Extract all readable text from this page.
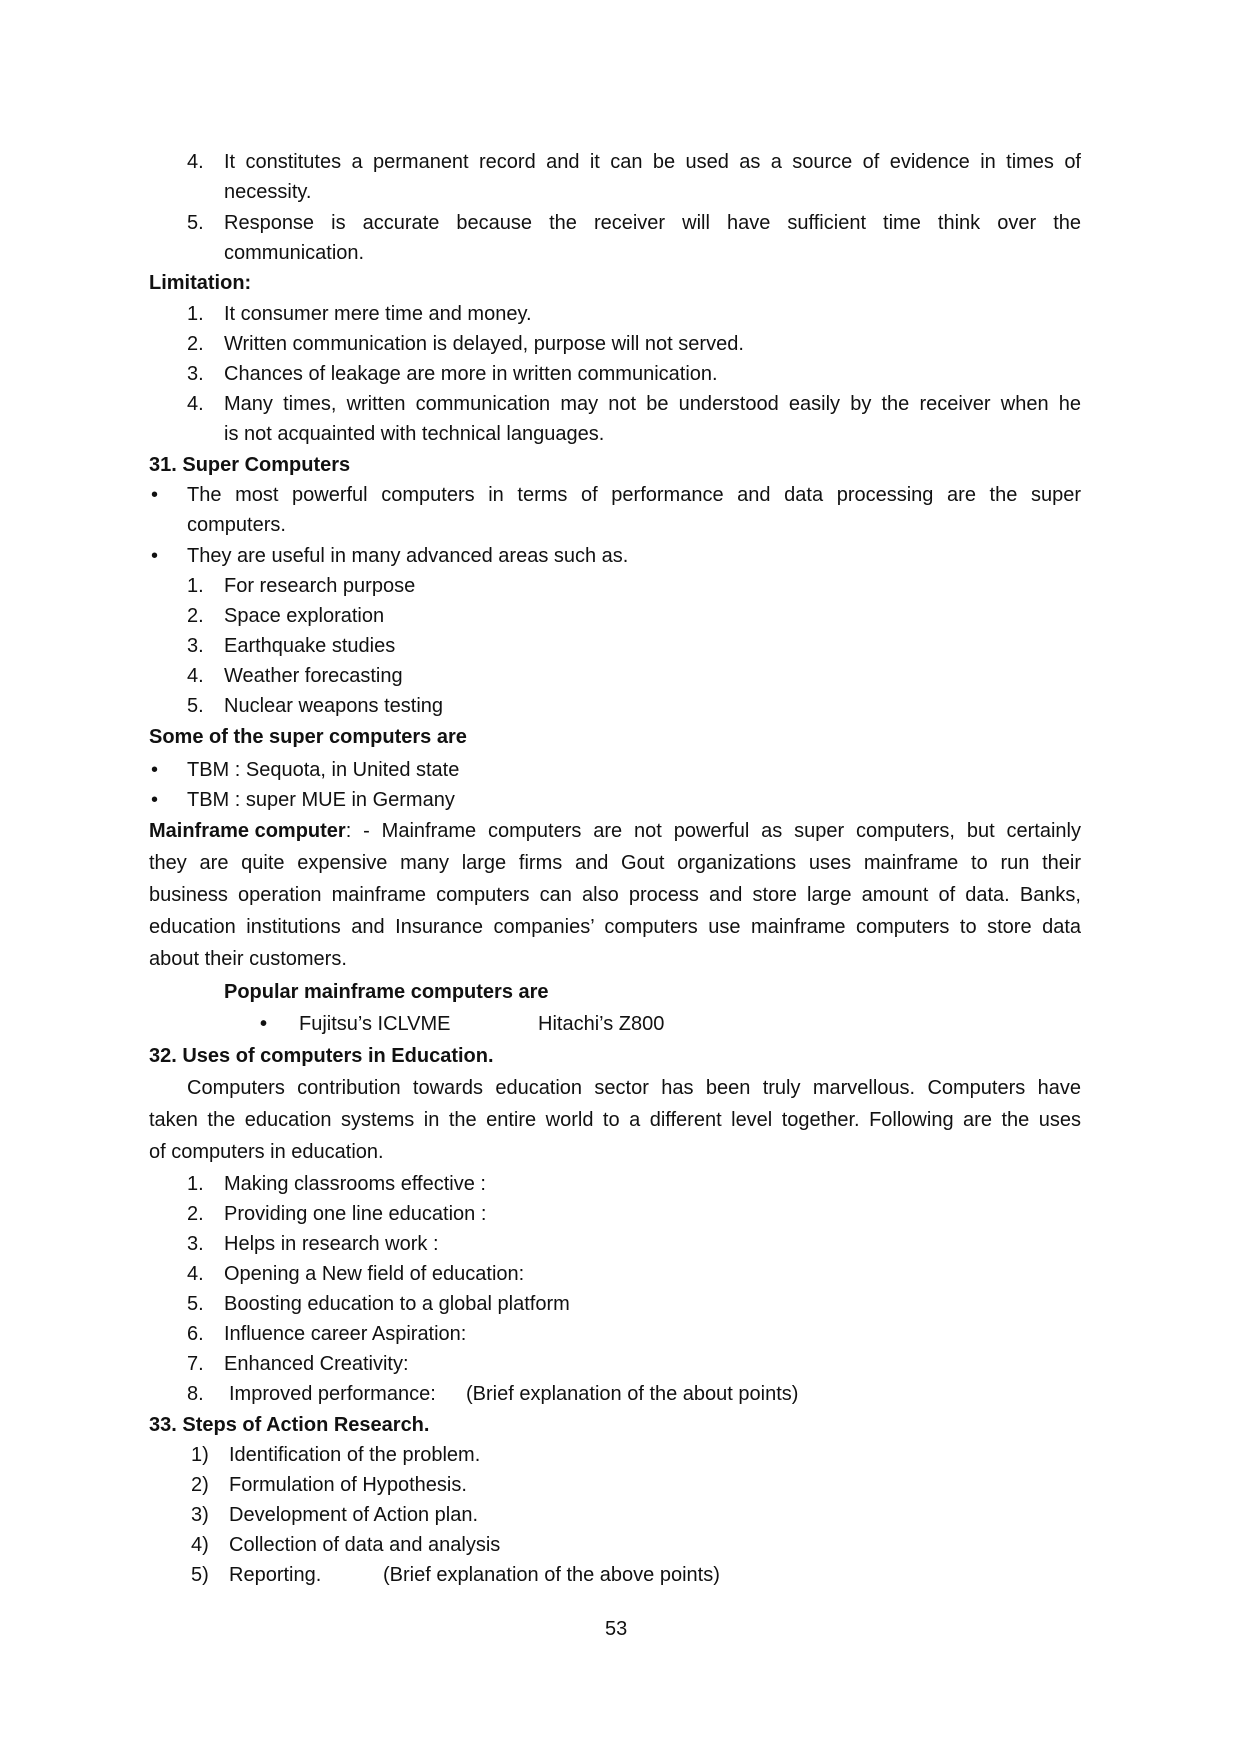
4. It constitutes a permanent record and it can be used as a source of evidence in times of
necessity.
5. Response is accurate because the receiver will have sufficient time think over the
communication.
Limitation:
1. It consumer mere time and money.
2. Written communication is delayed, purpose will not served.
3. Chances of leakage are more in written communication.
4. Many times, written communication may not be understood easily by the receiver when he
is not acquainted with technical languages.
31. Super Computers
• The most powerful computers in terms of performance and data processing are the super
computers.
• They are useful in many advanced areas such as.
1. For research purpose
2. Space exploration
3. Earthquake studies
4. Weather forecasting
5. Nuclear weapons testing
Some of the super computers are
• TBM : Sequota, in United state
• TBM : super MUE in Germany
Mainframe computer : - Mainframe computers are not powerful as super computers, but certainly
they are quite expensive many large firms and Gout organizations uses mainframe to run their
business operation mainframe computers can also process and store large amount of data. Banks,
education institutions and Insurance companies’ computers use mainframe computers to store data
about their customers.
Popular mainframe computers are
• Fujitsu’s ICLVME	Hitachi’s Z800
32. Uses of computers in Education.
Computers contribution towards education sector has been truly marvellous. Computers have
taken the education systems in the entire world to a different level together. Following are the uses
of computers in education.
1. Making classrooms effective :
2. Providing one line education :
3. Helps in research work :
4. Opening a New field of education:
5. Boosting education to a global platform
6. Influence career Aspiration:
7. Enhanced Creativity:
8. Improved performance: (Brief explanation of the about points)
33. Steps of Action Research.
1) Identification of the problem.
2) Formulation of Hypothesis.
3) Development of Action plan.
4) Collection of data and analysis
5) Reporting.	(Brief explanation of the above points)
53
